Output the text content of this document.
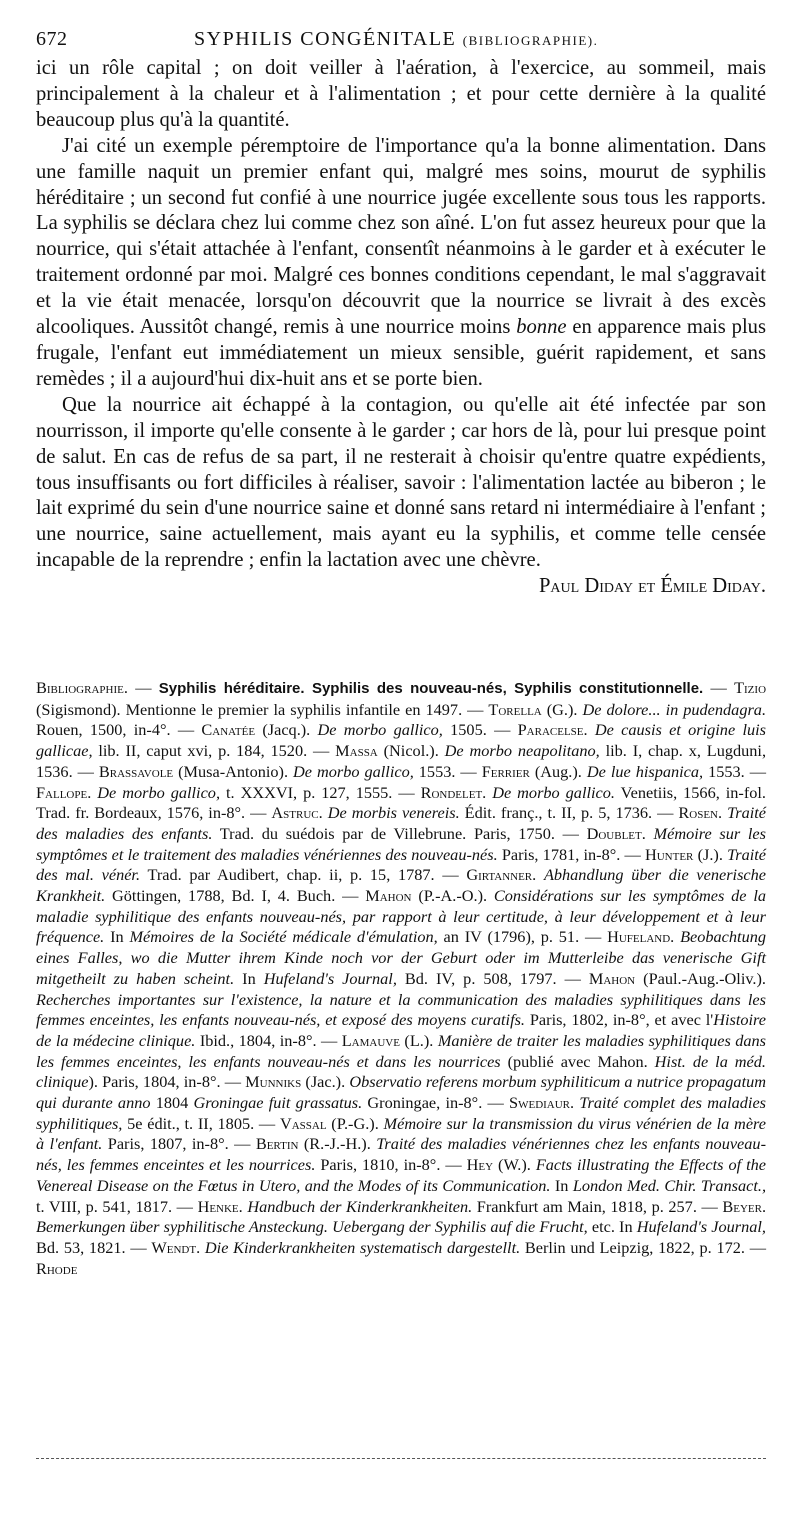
672	SYPHILIS CONGÉNITALE (BIBLIOGRAPHIE).

ici un rôle capital ; on doit veiller à l'aération, à l'exercice, au sommeil, mais principalement à la chaleur et à l'alimentation ; et pour cette dernière à la qualité beaucoup plus qu'à la quantité.

J'ai cité un exemple péremptoire de l'importance qu'a la bonne alimentation. Dans une famille naquit un premier enfant qui, malgré mes soins, mourut de syphilis héréditaire ; un second fut confié à une nourrice jugée excellente sous tous les rapports. La syphilis se déclara chez lui comme chez son aîné. L'on fut assez heureux pour que la nourrice, qui s'était attachée à l'enfant, consentît néanmoins à le garder et à exécuter le traitement ordonné par moi. Malgré ces bonnes conditions cependant, le mal s'aggravait et la vie était menacée, lorsqu'on découvrit que la nourrice se livrait à des excès alcooliques. Aussitôt changé, remis à une nourrice moins bonne en apparence mais plus frugale, l'enfant eut immédiatement un mieux sensible, guérit rapidement, et sans remèdes ; il a aujourd'hui dix-huit ans et se porte bien.

Que la nourrice ait échappé à la contagion, ou qu'elle ait été infectée par son nourrisson, il importe qu'elle consente à le garder ; car hors de là, pour lui presque point de salut. En cas de refus de sa part, il ne resterait à choisir qu'entre quatre expédients, tous insuffisants ou fort difficiles à réaliser, savoir : l'alimentation lactée au biberon ; le lait exprimé du sein d'une nourrice saine et donné sans retard ni intermédiaire à l'enfant ; une nourrice, saine actuellement, mais ayant eu la syphilis, et comme telle censée incapable de la reprendre ; enfin la lactation avec une chèvre.
Paul Diday et Émile Diday.

Bibliographie. — Syphilis héréditaire. Syphilis des nouveau-nés, Syphilis constitutionnelle. — Tizio (Sigismond). Mentionne le premier la syphilis infantile en 1497. — Torella (G.). De dolore... in pudendagra. Rouen, 1500, in-4°. — Canatée (Jacq.). De morbo gallico, 1505. — Paracelse. De causis et origine luis gallicae, lib. II, caput xvi, p. 184, 1520. — Massa (Nicol.). De morbo neapolitano, lib. I, chap. x, Lugduni, 1536. — Brassavole (Musa-Antonio). De morbo gallico, 1553. — Ferrier (Aug.). De lue hispanica, 1553. — Fallope. De morbo gallico, t. XXXVI, p. 127, 1555. — Rondelet. De morbo gallico. Venetiis, 1566, in-fol. Trad. fr. Bordeaux, 1576, in-8°. — Astruc. De morbis venereis. Édit. franç., t. II, p. 5, 1736. — Rosen. Traité des maladies des enfants. Trad. du suédois par de Villebrune. Paris, 1750. — Doublet. Mémoire sur les symptômes et le traitement des maladies vénériennes des nouveau-nés. Paris, 1781, in-8°. — Hunter (J.). Traité des mal. vénér. Trad. par Audibert, chap. ii, p. 15, 1787. — Girtanner. Abhandlung über die venerische Krankheit. Göttingen, 1788, Bd. I, 4. Buch. — Mahon (P.-A.-O.). Considérations sur les symptômes de la maladie syphilitique des enfants nouveau-nés, par rapport à leur certitude, à leur développement et à leur fréquence. In Mémoires de la Société médicale d'émulation, an IV (1796), p. 51. — Hufeland. Beobachtung eines Falles, wo die Mutter ihrem Kinde noch vor der Geburt oder im Mutterleibe das venerische Gift mitgetheilt zu haben scheint. In Hufeland's Journal, Bd. IV, p. 508, 1797. — Mahon (Paul.-Aug.-Oliv.). Recherches importantes sur l'existence, la nature et la communication des maladies syphilitiques dans les femmes enceintes, les enfants nouveau-nés, et exposé des moyens curatifs. Paris, 1802, in-8°, et avec l'Histoire de la médecine clinique. Ibid., 1804, in-8°. — Lamauve (L.). Manière de traiter les maladies syphilitiques dans les femmes enceintes, les enfants nouveau-nés et dans les nourrices (publié avec Mahon. Hist. de la méd. clinique). Paris, 1804, in-8°. — Munniks (Jac.). Observatio referens morbum syphiliticum a nutrice propagatum qui durante anno 1804 Groningae fuit grassatus. Groningae, in-8°. — Swediaur. Traité complet des maladies syphilitiques, 5e édit., t. II, 1805. — Vassal (P.-G.). Mémoire sur la transmission du virus vénérien de la mère à l'enfant. Paris, 1807, in-8°. — Bertin (R.-J.-H.). Traité des maladies vénériennes chez les enfants nouveau-nés, les femmes enceintes et les nourrices. Paris, 1810, in-8°. — Hey (W.). Facts illustrating the Effects of the Venereal Disease on the Fœtus in Utero, and the Modes of its Communication. In London Med. Chir. Transact., t. VIII, p. 541, 1817. — Henke. Handbuch der Kinderkrankheiten. Frankfurt am Main, 1818, p. 257. — Beyer. Bemerkungen über syphilitische Ansteckung. Uebergang der Syphilis auf die Frucht, etc. In Hufeland's Journal, Bd. 53, 1821. — Wendt. Die Kinderkrankheiten systematisch dargestellt. Berlin und Leipzig, 1822, p. 172. — Rhode
